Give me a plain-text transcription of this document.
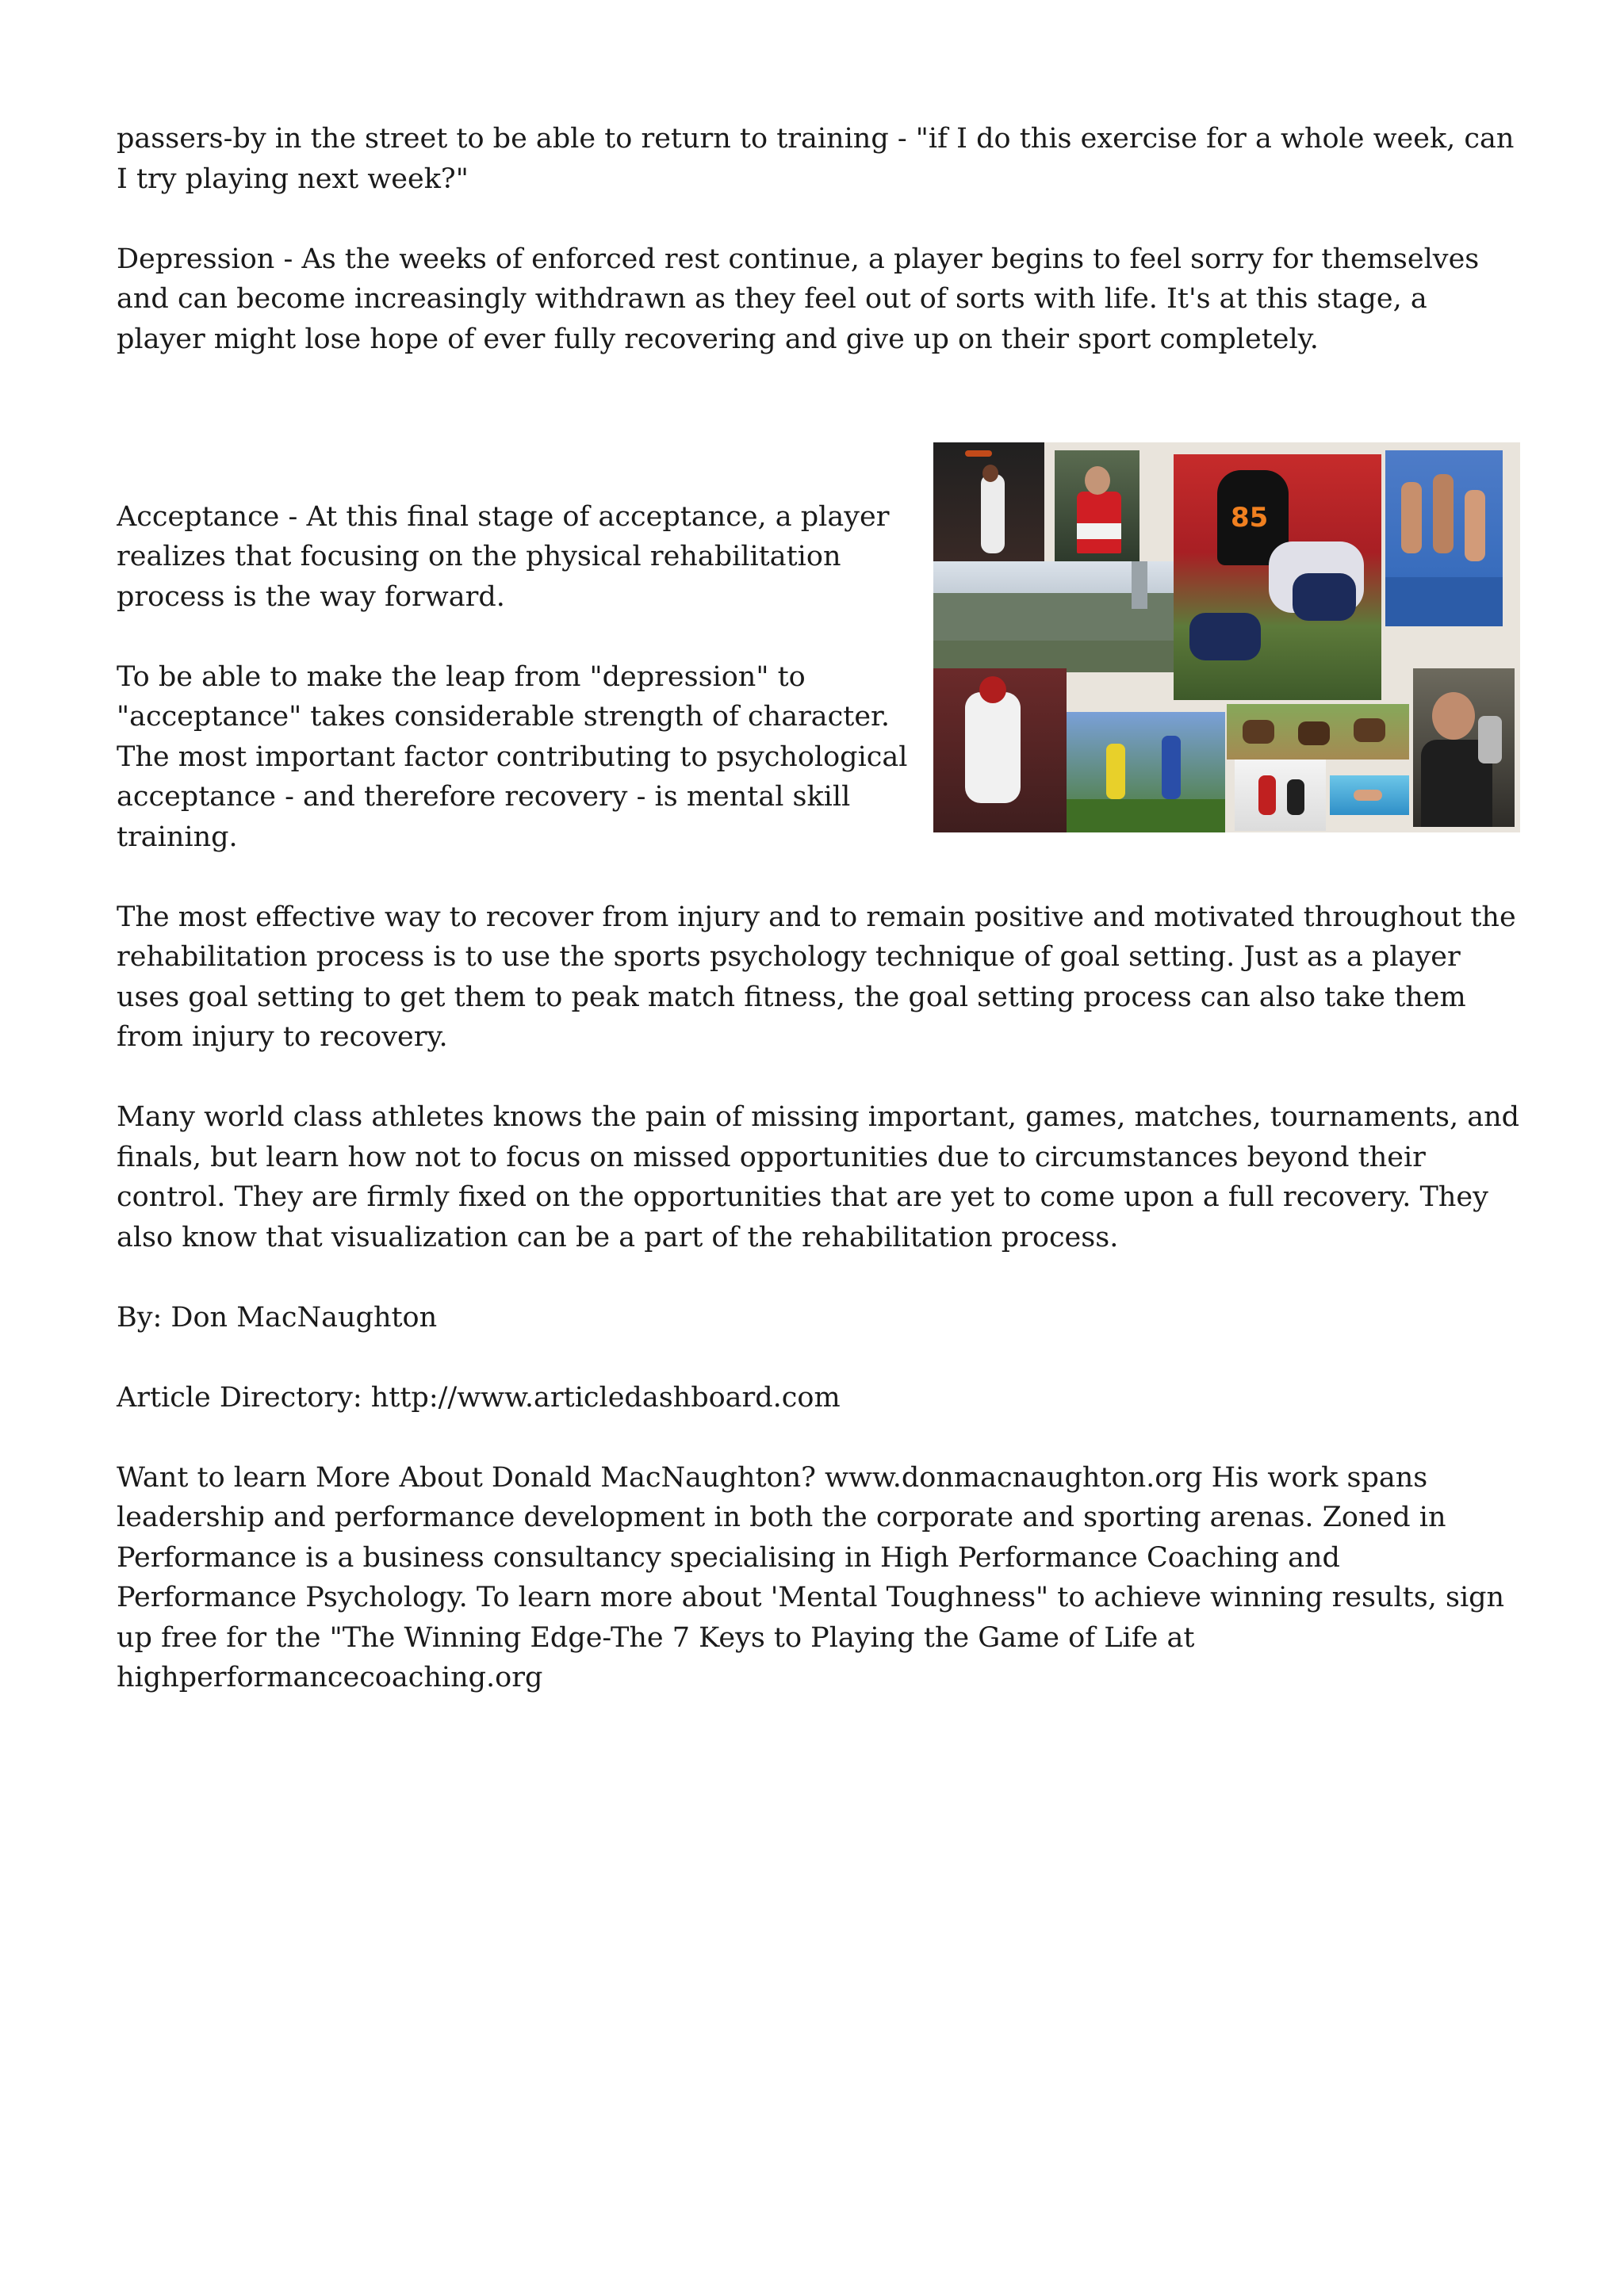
passers-by in the street to be able to return to training - "if I do this exercise for a whole week, can I try playing next week?"

Depression - As the weeks of enforced rest continue, a player begins to feel sorry for themselves and can become increasingly withdrawn as they feel out of sorts with life. It's at this stage, a player might lose hope of ever fully recovering and give up on their sport completely.

85

Acceptance - At this final stage of acceptance, a player realizes that focusing on the physical rehabilitation process is the way forward.

To be able to make the leap from "depression" to "acceptance" takes considerable strength of character. The most important factor contributing to psychological acceptance - and therefore recovery - is mental skill training.

The most effective way to recover from injury and to remain positive and motivated throughout the rehabilitation process is to use the sports psychology technique of goal setting. Just as a player uses goal setting to get them to peak match fitness, the goal setting process can also take them from injury to recovery.

Many world class athletes knows the pain of missing important, games, matches, tournaments, and finals, but learn how not to focus on missed opportunities due to circumstances beyond their control. They are firmly fixed on the opportunities that are yet to come upon a full recovery. They also know that visualization can be a part of the rehabilitation process.

By: Don MacNaughton

Article Directory: http://www.articledashboard.com

Want to learn More About Donald MacNaughton? www.donmacnaughton.org His work spans leadership and performance development in both the corporate and sporting arenas. Zoned in Performance is a business consultancy specialising in High Performance Coaching and Performance Psychology. To learn more about 'Mental Toughness" to achieve winning results, sign up free for the "The Winning Edge-The 7 Keys to Playing the Game of Life at highperformancecoaching.org
